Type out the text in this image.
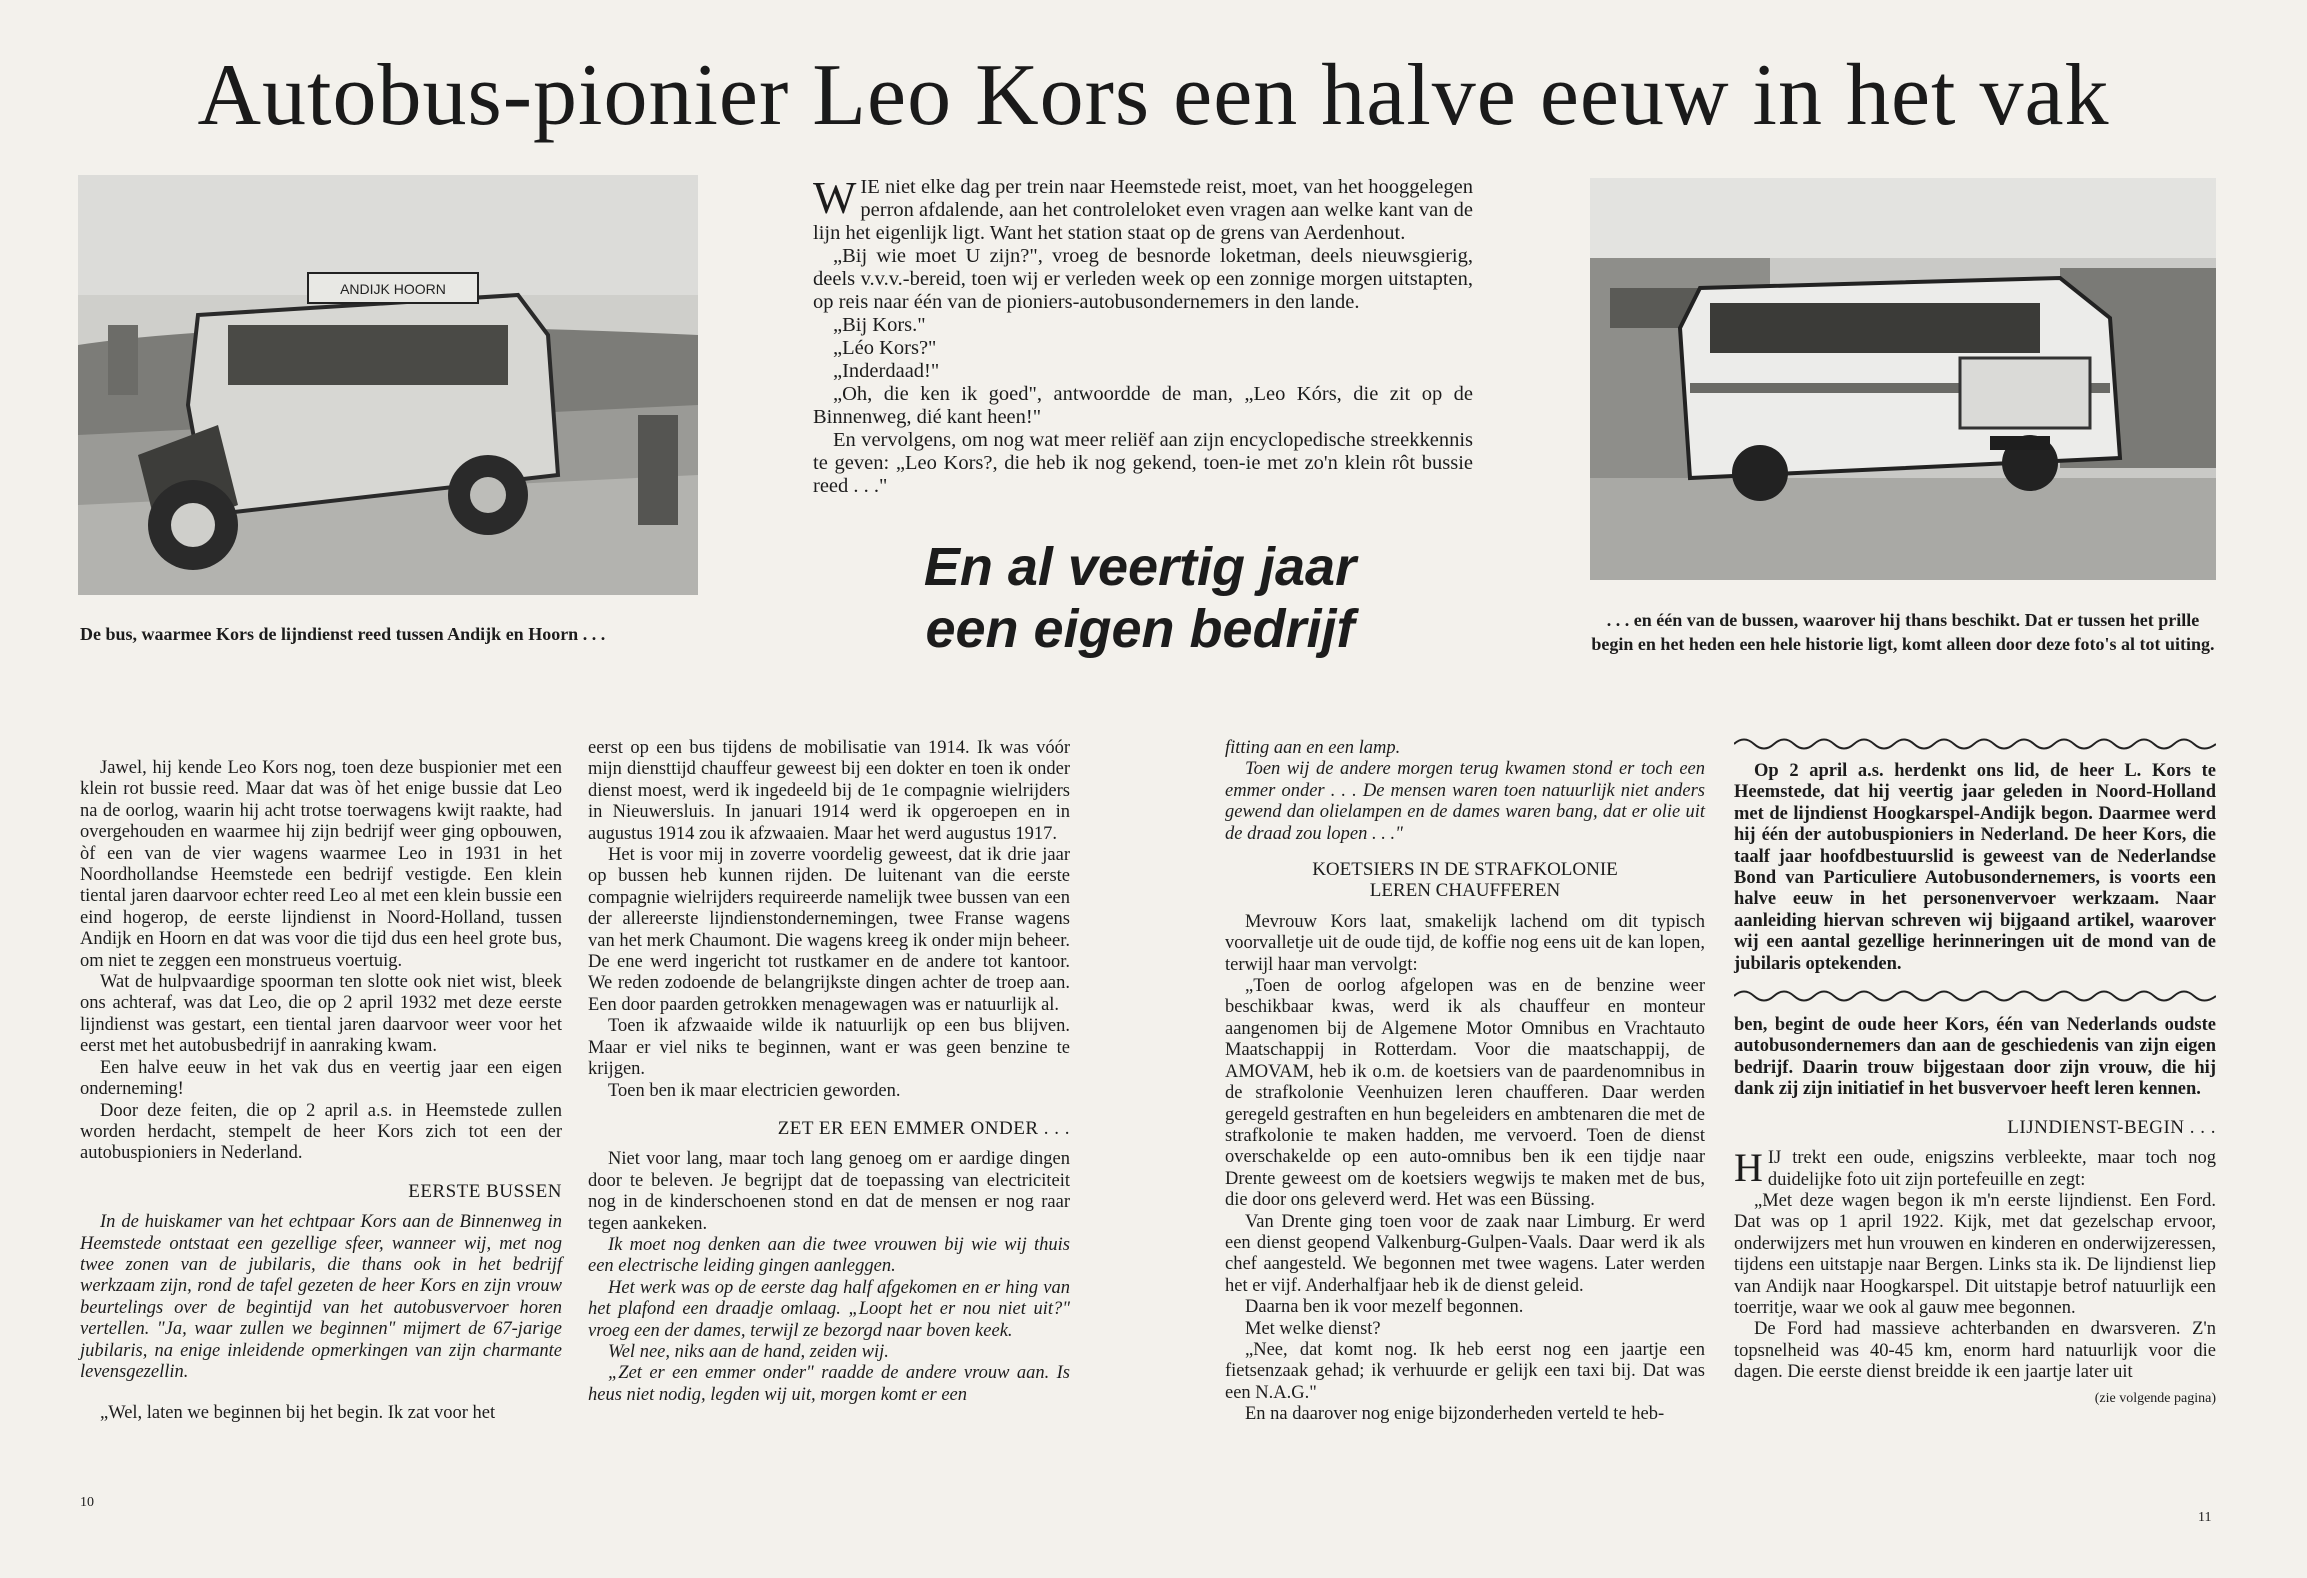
Autobus-pionier Leo Kors een halve eeuw in het vak
ANDIJK HOORN
De bus, waarmee Kors de lijndienst reed tussen Andijk en Hoorn . . .

WIE niet elke dag per trein naar Heemstede reist, moet, van het hooggelegen perron afdalende, aan het controleloket even vragen aan welke kant van de lijn het eigenlijk ligt. Want het station staat op de grens van Aerdenhout.

„Bij wie moet U zijn?", vroeg de besnorde loketman, deels nieuwsgierig, deels v.v.v.-bereid, toen wij er verleden week op een zonnige morgen uitstapten, op reis naar één van de pioniers-autobusondernemers in den lande.

„Bij Kors."

„Léo Kors?"

„Inderdaad!"

„Oh, die ken ik goed", antwoordde de man, „Leo Kórs, die zit op de Binnenweg, dié kant heen!"

En vervolgens, om nog wat meer reliëf aan zijn encyclopedische streekkennis te geven: „Leo Kors?, die heb ik nog gekend, toen-ie met zo'n klein rôt bussie reed . . ."

En al veertig jaar
een eigen bedrijf	. . . en één van de bussen, waarover hij thans beschikt. Dat er tussen het prille begin en het heden een hele historie ligt, komt alleen door deze foto's al tot uiting.

Jawel, hij kende Leo Kors nog, toen deze buspionier met een klein rot bussie reed. Maar dat was òf het enige bussie dat Leo na de oorlog, waarin hij acht trotse toerwagens kwijt raakte, had overgehouden en waarmee hij zijn bedrijf weer ging opbouwen, òf een van de vier wagens waarmee Leo in 1931 in het Noordhollandse Heemstede een bedrijf vestigde. Een klein tiental jaren daarvoor echter reed Leo al met een klein bussie een eind hogerop, de eerste lijndienst in Noord-Holland, tussen Andijk en Hoorn en dat was voor die tijd dus een heel grote bus, om niet te zeggen een monstrueus voertuig.

Wat de hulpvaardige spoorman ten slotte ook niet wist, bleek ons achteraf, was dat Leo, die op 2 april 1932 met deze eerste lijndienst was gestart, een tiental jaren daarvoor weer voor het eerst met het autobusbedrijf in aanraking kwam.

Een halve eeuw in het vak dus en veertig jaar een eigen onderneming!

Door deze feiten, die op 2 april a.s. in Heemstede zullen worden herdacht, stempelt de heer Kors zich tot een der autobuspioniers in Nederland.

EERSTE BUSSEN

In de huiskamer van het echtpaar Kors aan de Binnenweg in Heemstede ontstaat een gezellige sfeer, wanneer wij, met nog twee zonen van de jubilaris, die thans ook in het bedrijf werkzaam zijn, rond de tafel gezeten de heer Kors en zijn vrouw beurtelings over de begintijd van het autobusvervoer horen vertellen. "Ja, waar zullen we beginnen" mijmert de 67-jarige jubilaris, na enige inleidende opmerkingen van zijn charmante levensgezellin.

„Wel, laten we beginnen bij het begin. Ik zat voor het

eerst op een bus tijdens de mobilisatie van 1914. Ik was vóór mijn diensttijd chauffeur geweest bij een dokter en toen ik onder dienst moest, werd ik ingedeeld bij de 1e compagnie wielrijders in Nieuwersluis. In januari 1914 werd ik opgeroepen en in augustus 1914 zou ik afzwaaien. Maar het werd augustus 1917.

Het is voor mij in zoverre voordelig geweest, dat ik drie jaar op bussen heb kunnen rijden. De luitenant van die eerste compagnie wielrijders requireerde namelijk twee bussen van een der allereerste lijndienstondernemingen, twee Franse wagens van het merk Chaumont. Die wagens kreeg ik onder mijn beheer. De ene werd ingericht tot rustkamer en de andere tot kantoor. We reden zodoende de belangrijkste dingen achter de troep aan. Een door paarden getrokken menagewagen was er natuurlijk al.

Toen ik afzwaaide wilde ik natuurlijk op een bus blijven. Maar er viel niks te beginnen, want er was geen benzine te krijgen.

Toen ben ik maar electricien geworden.

ZET ER EEN EMMER ONDER . . .

Niet voor lang, maar toch lang genoeg om er aardige dingen door te beleven. Je begrijpt dat de toepassing van electriciteit nog in de kinderschoenen stond en dat de mensen er nog raar tegen aankeken.

Ik moet nog denken aan die twee vrouwen bij wie wij thuis een electrische leiding gingen aanleggen.

Het werk was op de eerste dag half afgekomen en er hing van het plafond een draadje omlaag. „Loopt het er nou niet uit?" vroeg een der dames, terwijl ze bezorgd naar boven keek.

Wel nee, niks aan de hand, zeiden wij.

„Zet er een emmer onder" raadde de andere vrouw aan. Is heus niet nodig, legden wij uit, morgen komt er een

fitting aan en een lamp.

Toen wij de andere morgen terug kwamen stond er toch een emmer onder . . . De mensen waren toen natuurlijk niet anders gewend dan olielampen en de dames waren bang, dat er olie uit de draad zou lopen . . ."

KOETSIERS IN DE STRAFKOLONIE
LEREN CHAUFFEREN

Mevrouw Kors laat, smakelijk lachend om dit typisch voorvalletje uit de oude tijd, de koffie nog eens uit de kan lopen, terwijl haar man vervolgt:

„Toen de oorlog afgelopen was en de benzine weer beschikbaar kwas, werd ik als chauffeur en monteur aangenomen bij de Algemene Motor Omnibus en Vrachtauto Maatschappij in Rotterdam. Voor die maatschappij, de AMOVAM, heb ik o.m. de koetsiers van de paardenomnibus in de strafkolonie Veenhuizen leren chaufferen. Daar werden geregeld gestraften en hun begeleiders en ambtenaren die met de strafkolonie te maken hadden, me vervoerd. Toen de dienst overschakelde op een auto-omnibus ben ik een tijdje naar Drente geweest om de koetsiers wegwijs te maken met de bus, die door ons geleverd werd. Het was een Büssing.

Van Drente ging toen voor de zaak naar Limburg. Er werd een dienst geopend Valkenburg-Gulpen-Vaals. Daar werd ik als chef aangesteld. We begonnen met twee wagens. Later werden het er vijf. Anderhalfjaar heb ik de dienst geleid.

Daarna ben ik voor mezelf begonnen.

Met welke dienst?

„Nee, dat komt nog. Ik heb eerst nog een jaartje een fietsenzaak gehad; ik verhuurde er gelijk een taxi bij. Dat was een N.A.G."

En na daarover nog enige bijzonderheden verteld te heb-

Op 2 april a.s. herdenkt ons lid, de heer L. Kors te Heemstede, dat hij veertig jaar geleden in Noord-Holland met de lijndienst Hoogkarspel-Andijk begon. Daarmee werd hij één der autobuspioniers in Nederland. De heer Kors, die taalf jaar hoofdbestuurslid is geweest van de Nederlandse Bond van Particuliere Autobusondernemers, is voorts een halve eeuw in het personenvervoer werkzaam. Naar aanleiding hiervan schreven wij bijgaand artikel, waarover wij een aantal gezellige herinneringen uit de mond van de jubilaris optekenden.

ben, begint de oude heer Kors, één van Nederlands oudste autobusondernemers dan aan de geschiedenis van zijn eigen bedrijf. Daarin trouw bijgestaan door zijn vrouw, die hij dank zij zijn initiatief in het busvervoer heeft leren kennen.

LIJNDIENST-BEGIN . . .

HIJ trekt een oude, enigszins verbleekte, maar toch nog duidelijke foto uit zijn portefeuille en zegt:

„Met deze wagen begon ik m'n eerste lijndienst. Een Ford. Dat was op 1 april 1922. Kijk, met dat gezelschap ervoor, onderwijzers met hun vrouwen en kinderen en onderwijzeressen, tijdens een uitstapje naar Bergen. Links sta ik. De lijndienst liep van Andijk naar Hoogkarspel. Dit uitstapje betrof natuurlijk een toerritje, waar we ook al gauw mee begonnen.

De Ford had massieve achterbanden en dwarsveren. Z'n topsnelheid was 40-45 km, enorm hard natuurlijk voor die dagen. Die eerste dienst breidde ik een jaartje later uit

(zie volgende pagina)

10
11
